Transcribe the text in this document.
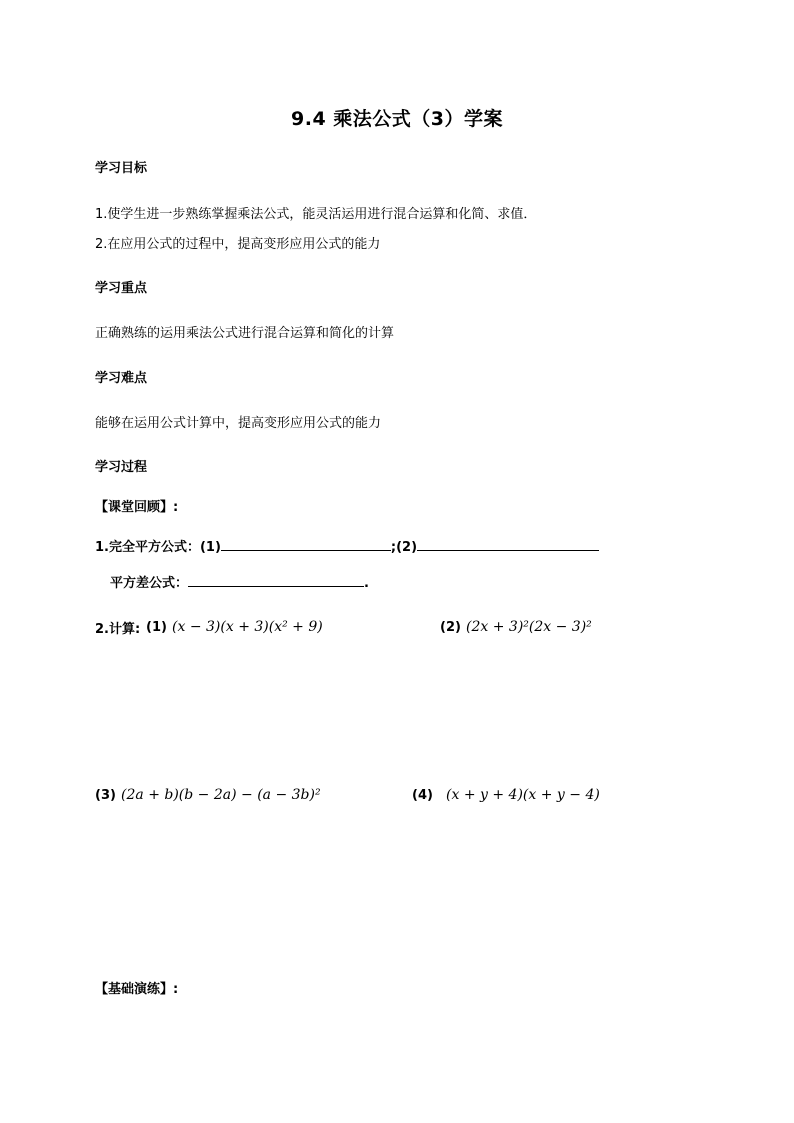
9.4 乘法公式（3）学案
学习目标
1.使学生进一步熟练掌握乘法公式，能灵活运用进行混合运算和化简、求值．
2.在应用公式的过程中，提高变形应用公式的能力
学习重点
正确熟练的运用乘法公式进行混合运算和简化的计算
学习难点
能够在运用公式计算中，提高变形应用公式的能力
学习过程
【课堂回顾】:
1.完全平方公式：(1)	;(2)
平方差公式：	.
2.计算: (1) (x − 3)(x + 3)(x² + 9)	(2) (2x + 3)²(2x − 3)²
(3) (2a + b)(b − 2a) − (a − 3b)²	(4) (x + y + 4)(x + y − 4)
【基础演练】:
